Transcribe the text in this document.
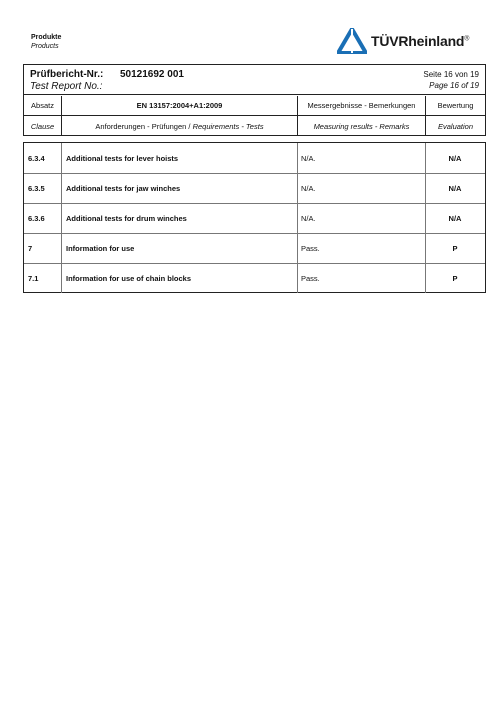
Produkte
Products	TÜVRheinland®
Prüfbericht-Nr.: 50121692 001
Test Report No.:
Seite 16 von 19
Page 16 of 19
Absatz	EN 13157:2004+A1:2009	Messergebnisse - Bemerkungen	Bewertung
Clause	Anforderungen - Prüfungen / Requirements - Tests	Measuring results - Remarks	Evaluation
6.3.4	Additional tests for lever hoists	N/A.	N/A
6.3.5	Additional tests for jaw winches	N/A.	N/A
6.3.6	Additional tests for drum winches	N/A.	N/A
7	Information for use	Pass.	P
7.1	Information for use of chain blocks	Pass.	P
